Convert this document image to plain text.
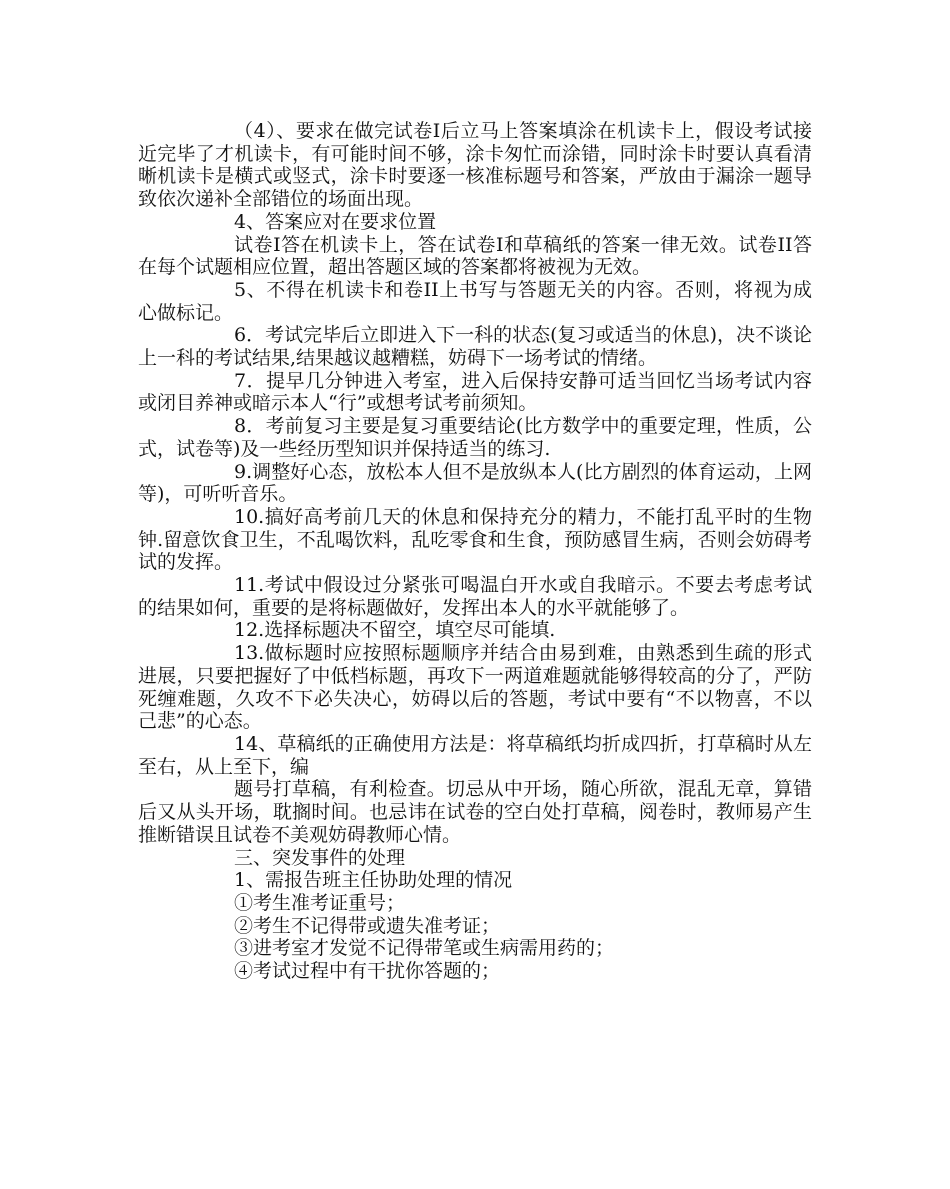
（4）、要求在做完试卷Ⅰ后立马上答案填涂在机读卡上，假设考试接近完毕了才机读卡，有可能时间不够，涂卡匆忙而涂错，同时涂卡时要认真看清晰机读卡是横式或竖式，涂卡时要逐一核准标题号和答案，严放由于漏涂一题导致依次递补全部错位的场面出现。

4、答案应对在要求位置

试卷Ⅰ答在机读卡上，答在试卷Ⅰ和草稿纸的答案一律无效。试卷II答在每个试题相应位置，超出答题区域的答案都将被视为无效。

5、不得在机读卡和卷II上书写与答题无关的内容。否则，将视为成心做标记。

6．考试完毕后立即进入下一科的状态(复习或适当的休息)，决不谈论上一科的考试结果,结果越议越糟糕，妨碍下一场考试的情绪。

7．提早几分钟进入考室，进入后保持安静可适当回忆当场考试内容或闭目养神或暗示本人“行”或想考试考前须知。

8．考前复习主要是复习重要结论(比方数学中的重要定理，性质，公式，试卷等)及一些经历型知识并保持适当的练习.

9.调整好心态，放松本人但不是放纵本人(比方剧烈的体育运动，上网等)，可听听音乐。

10.搞好高考前几天的休息和保持充分的精力，不能打乱平时的生物钟.留意饮食卫生，不乱喝饮料，乱吃零食和生食，预防感冒生病，否则会妨碍考试的发挥。

11.考试中假设过分紧张可喝温白开水或自我暗示。不要去考虑考试的结果如何，重要的是将标题做好，发挥出本人的水平就能够了。

12.选择标题决不留空，填空尽可能填.

13.做标题时应按照标题顺序并结合由易到难，由熟悉到生疏的形式进展，只要把握好了中低档标题，再攻下一两道难题就能够得较高的分了，严防死缠难题，久攻不下必失决心，妨碍以后的答题，考试中要有“不以物喜，不以己悲”的心态。

14、草稿纸的正确使用方法是：将草稿纸均折成四折，打草稿时从左至右，从上至下，编

题号打草稿，有利检查。切忌从中开场，随心所欲，混乱无章，算错后又从头开场，耽搁时间。也忌讳在试卷的空白处打草稿，阅卷时，教师易产生推断错误且试卷不美观妨碍教师心情。

三、突发事件的处理

1、需报告班主任协助处理的情况

①考生准考证重号；

②考生不记得带或遗失准考证；

③进考室才发觉不记得带笔或生病需用药的；

④考试过程中有干扰你答题的；
